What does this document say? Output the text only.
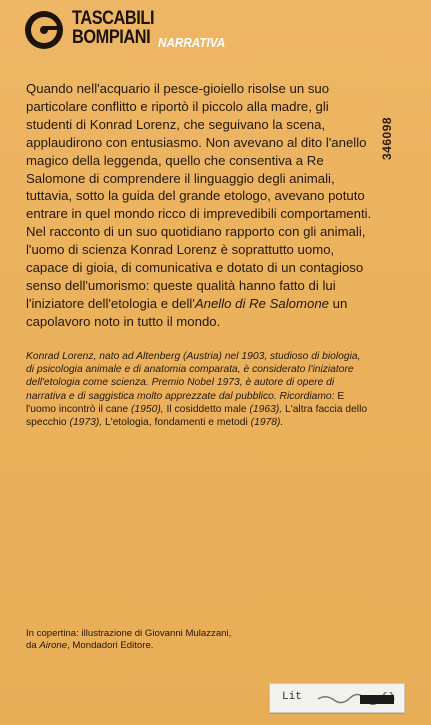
TASCABILI
BOMPIANI NARRATIVA
346098

Quando nell'acquario il pesce-gioiello risolse un suo particolare conflitto e riportò il piccolo alla madre, gli studenti di Konrad Lorenz, che seguivano la scena, applaudirono con entusiasmo. Non avevano al dito l'anello magico della leggenda, quello che consentiva a Re Salomone di comprendere il linguaggio degli animali, tuttavia, sotto la guida del grande etologo, avevano potuto entrare in quel mondo ricco di imprevedibili comportamenti. Nel racconto di un suo quotidiano rapporto con gli animali, l'uomo di scienza Konrad Lorenz è soprattutto uomo, capace di gioia, di comunicativa e dotato di un contagioso senso dell'umorismo: queste qualità hanno fatto di lui l'iniziatore dell'etologia e dell'Anello di Re Salomone un capolavoro noto in tutto il mondo.

Konrad Lorenz, nato ad Altenberg (Austria) nel 1903, studioso di biologia, di psicologia animale e di anatomia comparata, è considerato l'iniziatore dell'etologia come scienza. Premio Nobel 1973, è autore di opere di narrativa e di saggistica molto apprezzate dal pubblico. Ricordiamo: E l'uomo incontrò il cane (1950), Il cosiddetto male (1963), L'altra faccia dello specchio (1973), L'etologia, fondamenti e metodi (1978).

In copertina: illustrazione di Giovanni Mulazzani,

da Airone, Mondadori Editore.

Lit
